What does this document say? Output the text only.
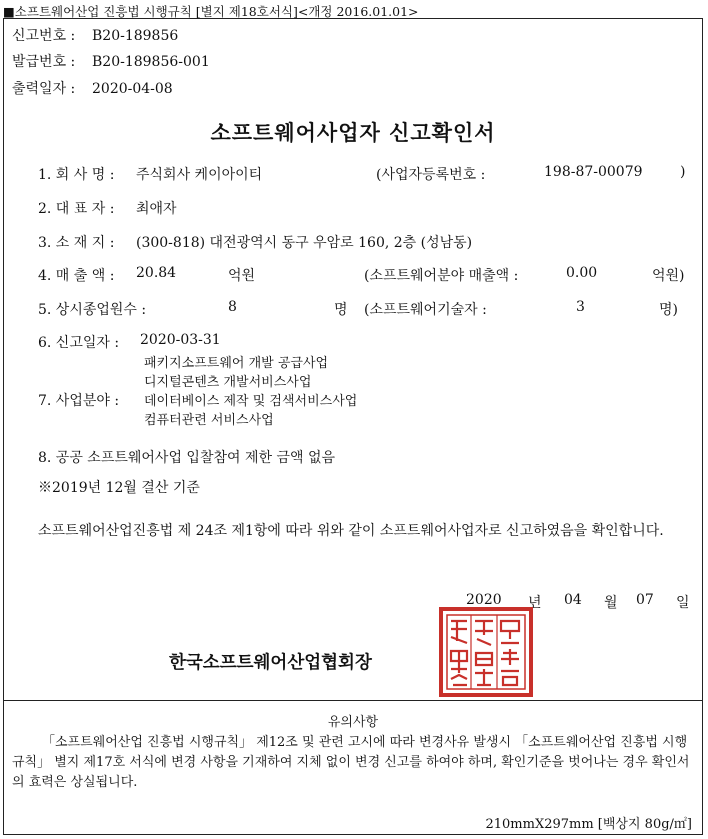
■소프트웨어산업 진흥법 시행규칙 [별지 제18호서식]<개정 2016.01.01>
신고번호 : B20-189856
발급번호 : B20-189856-001
출력일자 : 2020-04-08
소프트웨어사업자 신고확인서
1. 회 사 명 : 주식회사 케이아이티	(사업자등록번호 :	198-87-00079	)
2. 대 표 자 : 최애자
3. 소 재 지 : (300-818) 대전광역시 동구 우암로 160, 2층 (성남동)
4. 매 출 액 : 20.84	억원	(소프트웨어분야 매출액 :	0.00	억원)
5. 상시종업원수 :	8	명 (소프트웨어기술자 :	3	명)
6. 신고일자 : 2020-03-31
패키지소프트웨어 개발 공급사업
디지털콘텐츠 개발서비스사업
7. 사업분야 : 데이터베이스 제작 및 검색서비스사업
컴퓨터관련 서비스사업
8. 공공 소프트웨어사업 입찰참여 제한 금액 없음
※2019년 12월 결산 기준
소프트웨어산업진흥법 제 24조 제1항에 따라 위와 같이 소프트웨어사업자로 신고하였음을 확인합니다.
2020 년 04 월 07 일
한국소프트웨어산업협회장
유의사항
「소프트웨어산업 진흥법 시행규칙」 제12조 및 관련 고시에 따라 변경사유 발생시 「소프트웨어산업 진흥법 시행규칙」 별지 제17호 서식에 변경 사항을 기재하여 지체 없이 변경 신고를 하여야 하며, 확인기준을 벗어나는 경우 확인서의 효력은 상실됩니다.
210mmX297mm [백상지 80g/㎡]
